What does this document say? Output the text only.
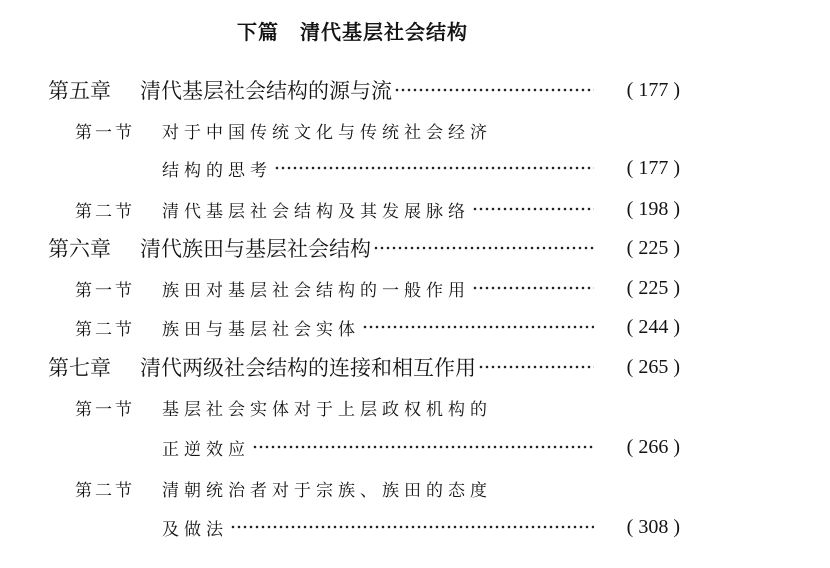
下篇　清代基层社会结构
第五章	清代基层社会结构的源与流	( 177 )
第一节	对于中国传统文化与传统社会经济
结构的思考	( 177 )
第二节	清代基层社会结构及其发展脉络	( 198 )
第六章	清代族田与基层社会结构	( 225 )
第一节	族田对基层社会结构的一般作用	( 225 )
第二节	族田与基层社会实体	( 244 )
第七章	清代两级社会结构的连接和相互作用	( 265 )
第一节	基层社会实体对于上层政权机构的
正逆效应	( 266 )
第二节	清朝统治者对于宗族、族田的态度
及做法	( 308 )
